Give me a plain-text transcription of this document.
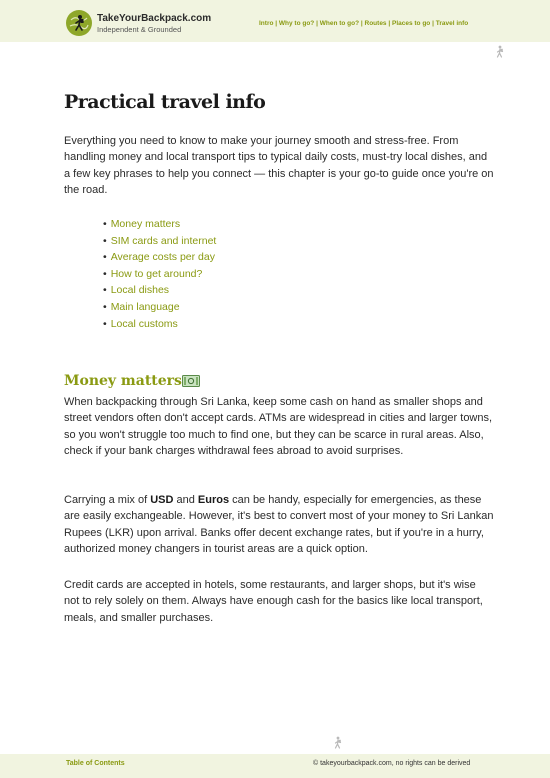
TakeYourBackpack.com
Independent & Grounded
Intro | Why to go? | When to go? | Routes | Places to go | Travel info
Practical travel info
Everything you need to know to make your journey smooth and stress-free. From handling money and local transport tips to typical daily costs, must-try local dishes, and a few key phrases to help you connect — this chapter is your go-to guide once you're on the road.
• Money matters
• SIM cards and internet
• Average costs per day
• How to get around?
• Local dishes
• Main language
• Local customs
Money matters
When backpacking through Sri Lanka, keep some cash on hand as smaller shops and street vendors often don't accept cards. ATMs are widespread in cities and larger towns, so you won't struggle too much to find one, but they can be scarce in rural areas. Also, check if your bank charges withdrawal fees abroad to avoid surprises.
Carrying a mix of USD and Euros can be handy, especially for emergencies, as these are easily exchangeable. However, it's best to convert most of your money to Sri Lankan Rupees (LKR) upon arrival. Banks offer decent exchange rates, but if you're in a hurry, authorized money changers in tourist areas are a quick option.
Credit cards are accepted in hotels, some restaurants, and larger shops, but it's wise not to rely solely on them. Always have enough cash for the basics like local transport, meals, and smaller purchases.
Table of Contents	© takeyourbackpack.com, no rights can be derived
